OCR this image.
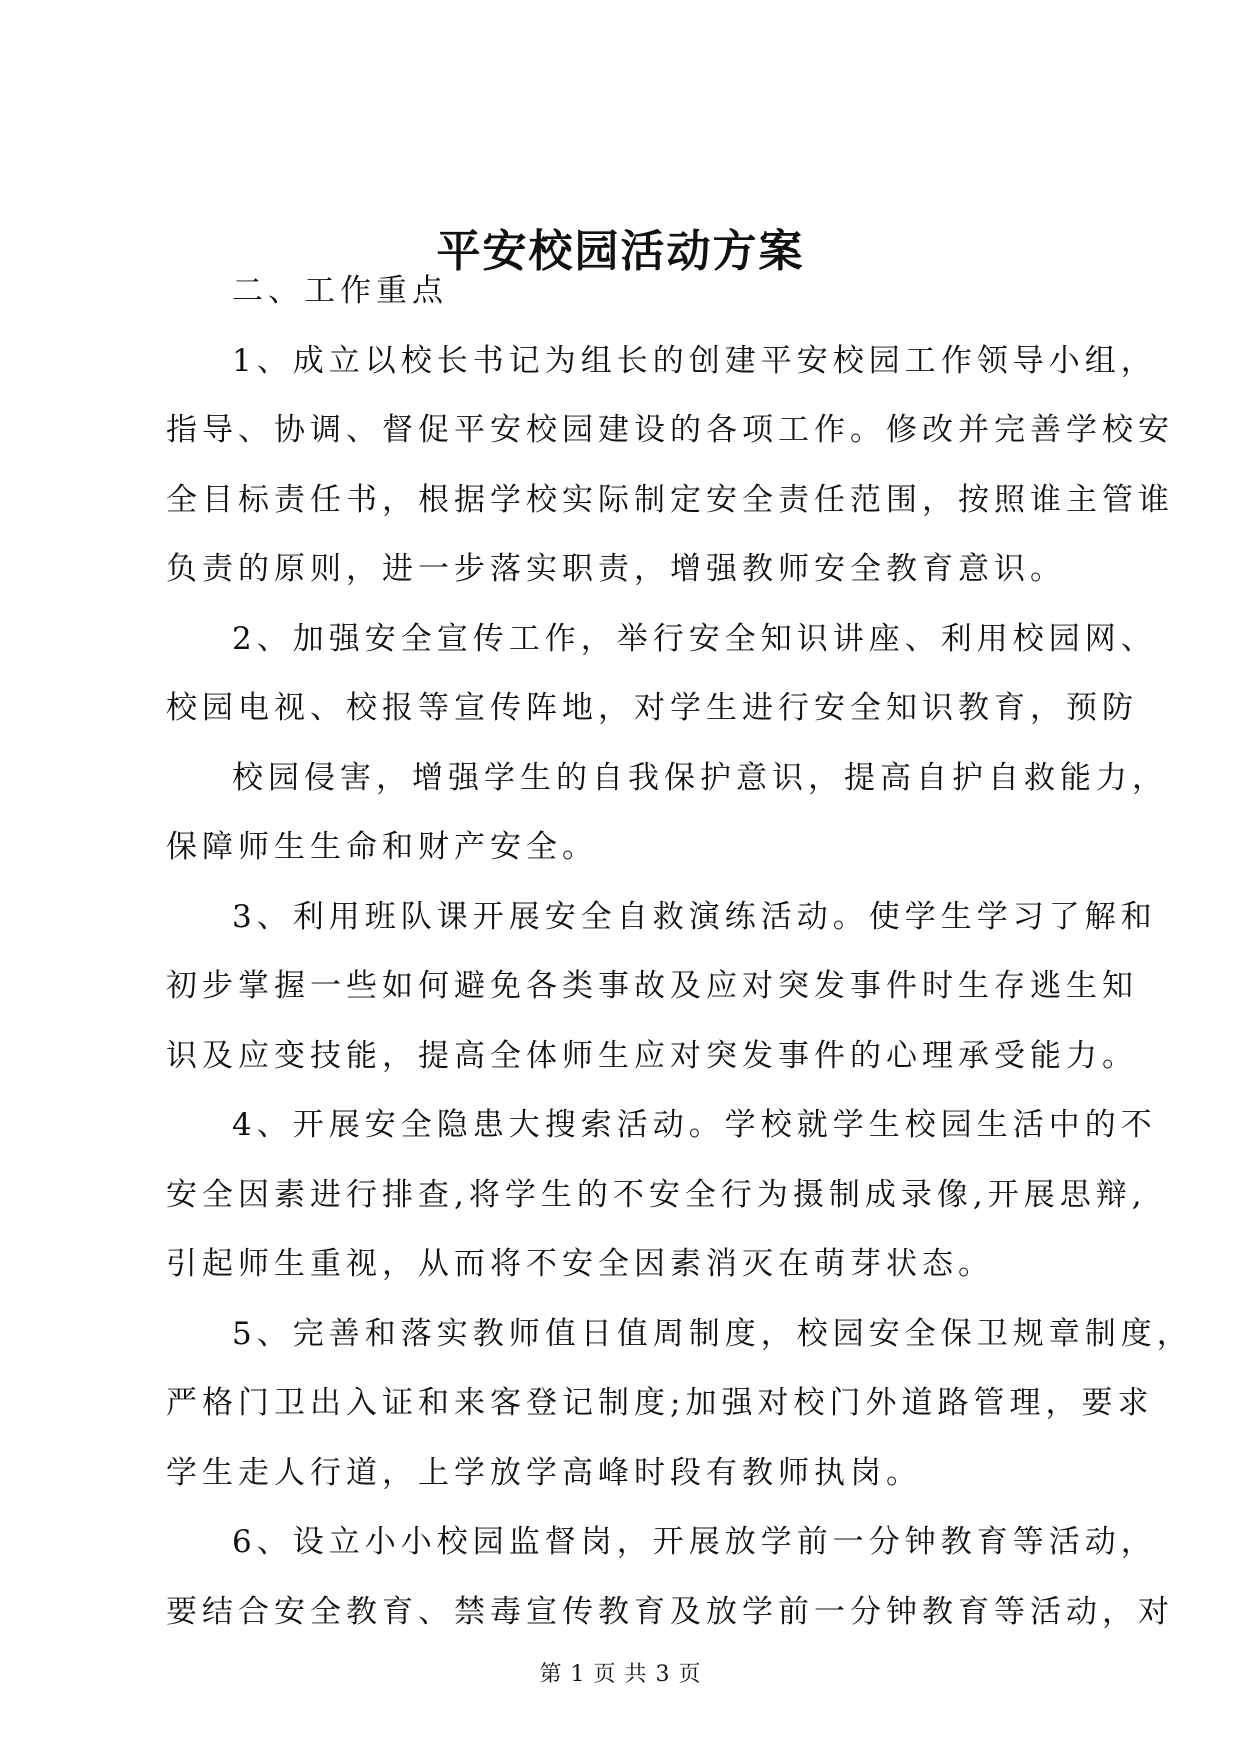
平安校园活动方案
二、工作重点
1、成立以校长书记为组长的创建平安校园工作领导小组，
指导、协调、督促平安校园建设的各项工作。修改并完善学校安
全目标责任书，根据学校实际制定安全责任范围，按照谁主管谁
负责的原则，进一步落实职责，增强教师安全教育意识。
2、加强安全宣传工作，举行安全知识讲座、利用校园网、
校园电视、校报等宣传阵地，对学生进行安全知识教育，预防
校园侵害，增强学生的自我保护意识，提高自护自救能力，
保障师生生命和财产安全。
3、利用班队课开展安全自救演练活动。使学生学习了解和
初步掌握一些如何避免各类事故及应对突发事件时生存逃生知
识及应变技能，提高全体师生应对突发事件的心理承受能力。
4、开展安全隐患大搜索活动。学校就学生校园生活中的不
安全因素进行排查,将学生的不安全行为摄制成录像,开展思辩,
引起师生重视，从而将不安全因素消灭在萌芽状态。
5、完善和落实教师值日值周制度，校园安全保卫规章制度，
严格门卫出入证和来客登记制度;加强对校门外道路管理，要求
学生走人行道，上学放学高峰时段有教师执岗。
6、设立小小校园监督岗，开展放学前一分钟教育等活动，
要结合安全教育、禁毒宣传教育及放学前一分钟教育等活动，对
第 1 页 共 3 页
